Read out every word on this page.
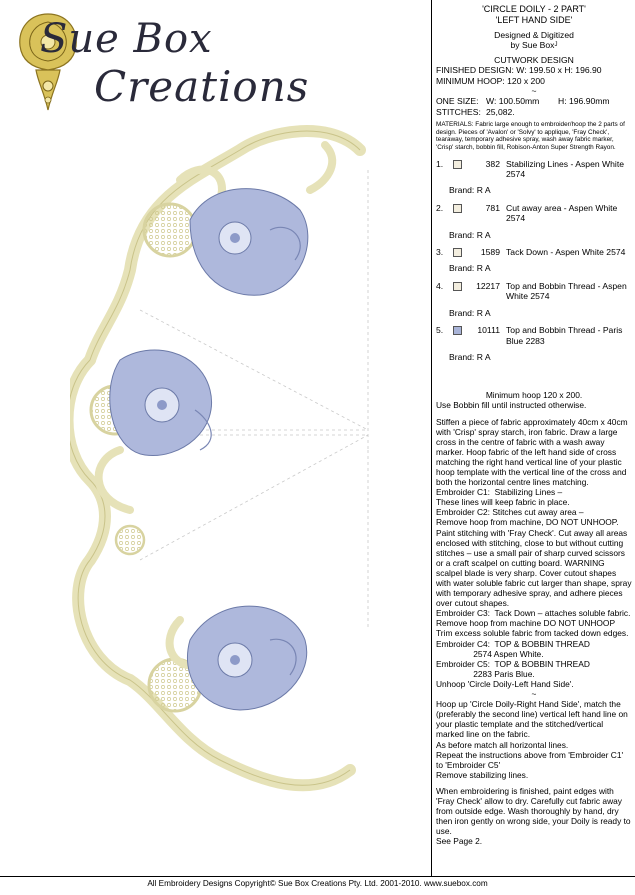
Sue Box
Creations
'CIRCLE DOILY - 2 PART'
'LEFT HAND SIDE'
Designed & Digitized
by Sue Box$^J$
CUTWORK DESIGN
FINISHED DESIGN:
W: 199.50 x H: 196.90
MINIMUM HOOP:
120 x 200
~
ONE SIZE: W: 100.50mm	H: 196.90mm
STITCHES: 25,082.
MATERIALS: Fabric large enough to embroider/hoop the 2 parts of design. Pieces of 'Avalon' or 'Solvy' to applique, 'Fray Check', tearaway, temporary adhesive spray, wash away fabric marker, 'Crisp' starch, bobbin fill, Robison-Anton Super Strength Rayon.
1.	382 Stabilizing Lines - Aspen White 2574
Brand: R A
2.	781 Cut away area - Aspen White 2574
Brand: R A
3.	1589 Tack Down - Aspen White 2574
Brand: R A
4.	12217 Top and Bobbin Thread - Aspen White 2574
Brand: R A
5.	10111 Top and Bobbin Thread - Paris Blue 2283
Brand: R A

Minimum hoop 120 x 200.

Use Bobbin fill until instructed otherwise.

Stiffen a piece of fabric approximately 40cm x 40cm with 'Crisp' spray starch, iron fabric. Draw a large cross in the centre of fabric with a wash away marker. Hoop fabric of the left hand side of cross matching the right hand vertical line of your plastic hoop template with the vertical line of the cross and both the horizontal centre lines matching.
Embroider C1:  Stabilizing Lines –
These lines will keep fabric in place.
Embroider C2: Stitches cut away area –
Remove hoop from machine, DO NOT UNHOOP. Paint stitching with 'Fray Check'. Cut away all areas enclosed with stitching, close to but without cutting stitches – use a small pair of sharp curved scissors or a craft scalpel on cutting board. WARNING scalpel blade is very sharp. Cover cutout shapes with water soluble fabric cut larger than shape, spray with temporary adhesive spray, and adhere pieces over cutout shapes.
Embroider C3:  Tack Down – attaches soluble fabric. Remove hoop from machine DO NOT UNHOOP Trim excess soluble fabric from tacked down edges.
Embroider C4:  TOP & BOBBIN THREAD
2574 Aspen White.
Embroider C5:  TOP & BOBBIN THREAD
2283 Paris Blue.
Unhoop 'Circle Doily-Left Hand Side'.

~

Hoop up 'Circle Doily-Right Hand Side', match the (preferably the second line) vertical left hand line on your plastic template and the stitched/vertical marked line on the fabric.
As before match all horizontal lines.
Repeat the instructions above from 'Embroider C1' to 'Embroider C5'
Remove stabilizing lines.

When embroidering is finished, paint edges with 'Fray Check' allow to dry. Carefully cut fabric away from outside edge. Wash thoroughly by hand, dry then iron gently on wrong side, your Doily is ready to use.
See Page 2.

All Embroidery Designs Copyright© Sue Box Creations Pty. Ltd. 2001-2010. www.suebox.com
